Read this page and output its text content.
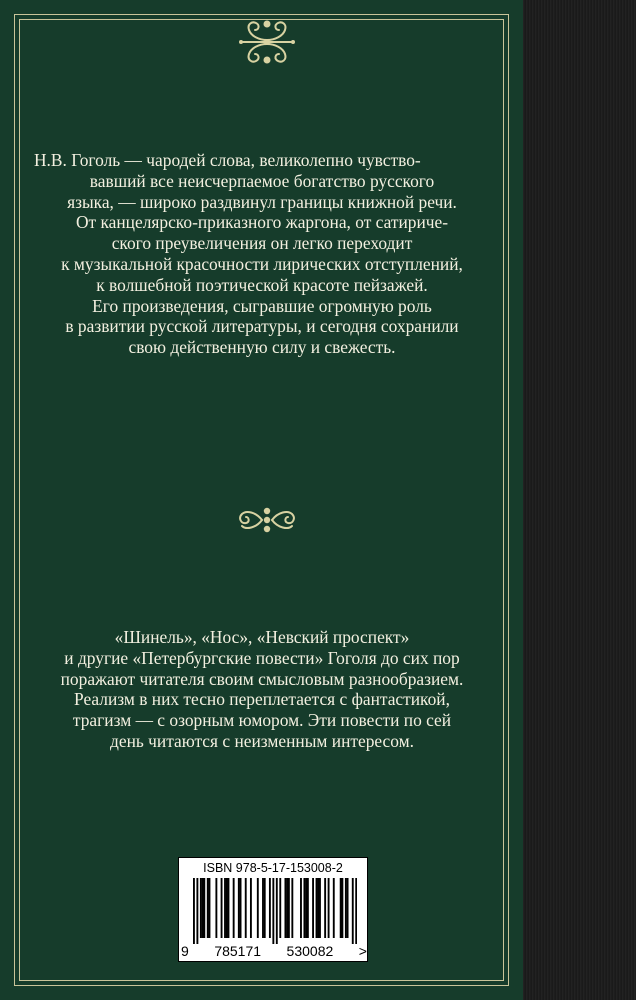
Н.В. Гоголь — чародей слова, великолепно чувство-
вавший все неисчерпаемое богатство русского
языка, — широко раздвинул границы книжной речи.
От канцелярско-приказного жаргона, от сатириче-
ского преувеличения он легко переходит
к музыкальной красочности лирических отступлений,
к волшебной поэтической красоте пейзажей.
Его произведения, сыгравшие огромную роль
в развитии русской литературы, и сегодня сохранили
свою действенную силу и свежесть.
«Шинель», «Нос», «Невский проспект»
и другие «Петербургские повести» Гоголя до сих пор
поражают читателя своим смысловым разнообразием.
Реализм в них тесно переплетается с фантастикой,
трагизм — с озорным юмором. Эти повести по сей
день читаются с неизменным интересом.
ISBN 978-5-17-153008-2
9 785171 530082 >
